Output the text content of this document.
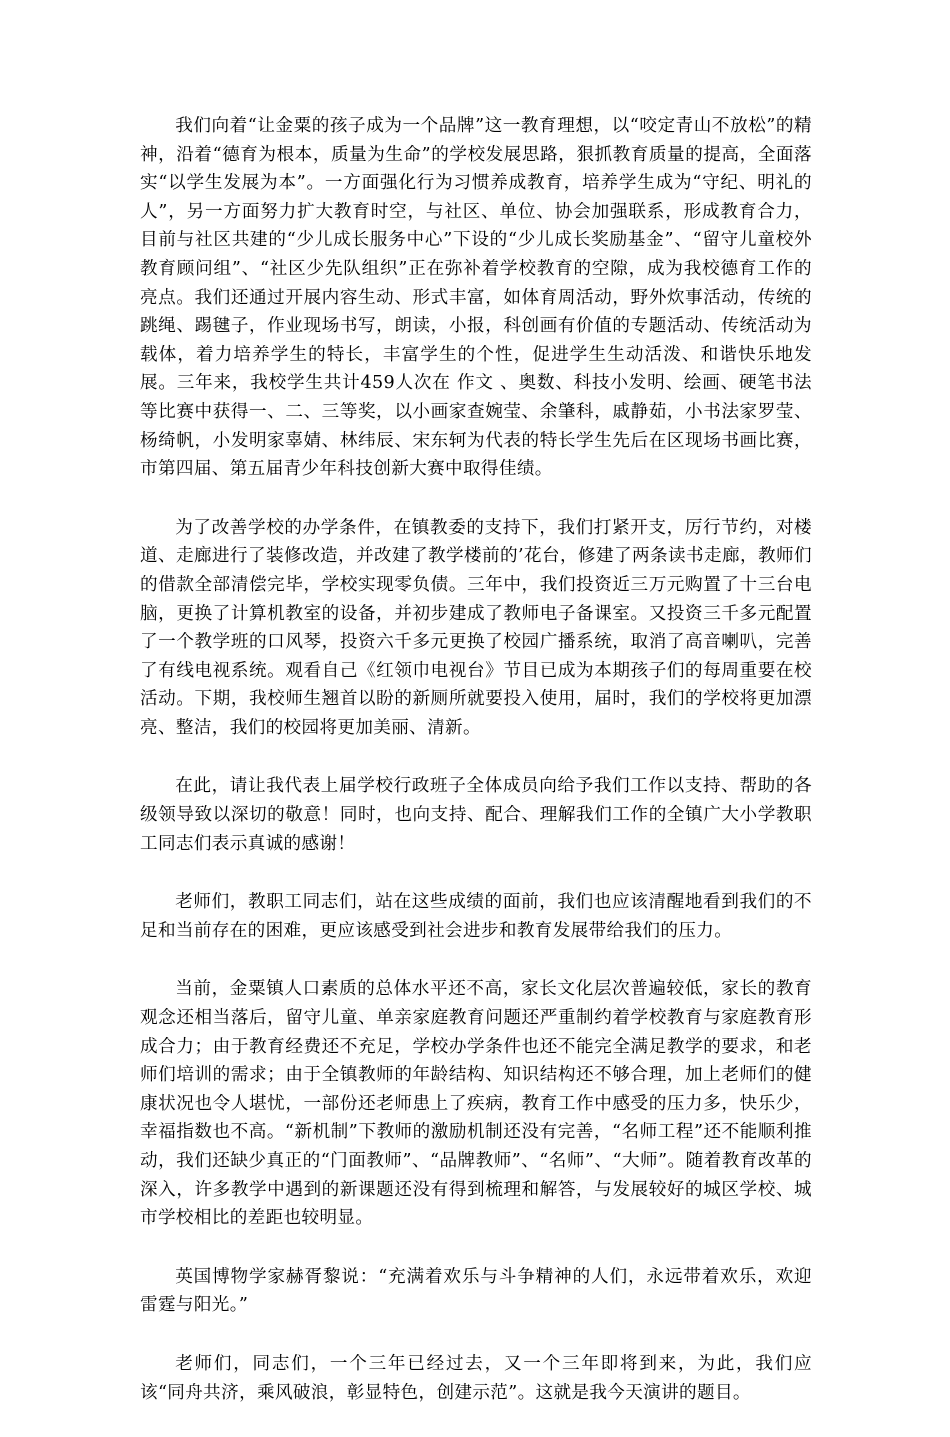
我们向着“让金粟的孩子成为一个品牌”这一教育理想，以“咬定青山不放松”的精神，沿着“德育为根本，质量为生命”的学校发展思路，狠抓教育质量的提高，全面落实“以学生发展为本”。一方面强化行为习惯养成教育，培养学生成为“守纪、明礼的人”，另一方面努力扩大教育时空，与社区、单位、协会加强联系，形成教育合力，目前与社区共建的“少儿成长服务中心”下设的“少儿成长奖励基金”、“留守儿童校外教育顾问组”、“社区少先队组织”正在弥补着学校教育的空隙，成为我校德育工作的亮点。我们还通过开展内容生动、形式丰富，如体育周活动，野外炊事活动，传统的跳绳、踢毽子，作业现场书写，朗读，小报，科创画有价值的专题活动、传统活动为载体，着力培养学生的特长，丰富学生的个性，促进学生生动活泼、和谐快乐地发展。三年来，我校学生共计459人次在 作文 、奥数、科技小发明、绘画、硬笔书法等比赛中获得一、二、三等奖，以小画家查婉莹、余肇科，戚静茹，小书法家罗莹、杨绮帆，小发明家辜婧、林纬辰、宋东轲为代表的特长学生先后在区现场书画比赛，市第四届、第五届青少年科技创新大赛中取得佳绩。

为了改善学校的办学条件，在镇教委的支持下，我们打紧开支，厉行节约，对楼道、走廊进行了装修改造，并改建了教学楼前的’花台，修建了两条读书走廊，教师们的借款全部清偿完毕，学校实现零负债。三年中，我们投资近三万元购置了十三台电脑，更换了计算机教室的设备，并初步建成了教师电子备课室。又投资三千多元配置了一个教学班的口风琴，投资六千多元更换了校园广播系统，取消了高音喇叭，完善了有线电视系统。观看自己《红领巾电视台》节目已成为本期孩子们的每周重要在校活动。下期，我校师生翘首以盼的新厕所就要投入使用，届时，我们的学校将更加漂亮、整洁，我们的校园将更加美丽、清新。

在此，请让我代表上届学校行政班子全体成员向给予我们工作以支持、帮助的各级领导致以深切的敬意！同时，也向支持、配合、理解我们工作的全镇广大小学教职工同志们表示真诚的感谢！

老师们，教职工同志们，站在这些成绩的面前，我们也应该清醒地看到我们的不足和当前存在的困难，更应该感受到社会进步和教育发展带给我们的压力。

当前，金粟镇人口素质的总体水平还不高，家长文化层次普遍较低，家长的教育观念还相当落后，留守儿童、单亲家庭教育问题还严重制约着学校教育与家庭教育形成合力；由于教育经费还不充足，学校办学条件也还不能完全满足教学的要求，和老师们培训的需求；由于全镇教师的年龄结构、知识结构还不够合理，加上老师们的健康状况也令人堪忧，一部份还老师患上了疾病，教育工作中感受的压力多，快乐少，幸福指数也不高。“新机制”下教师的激励机制还没有完善，“名师工程”还不能顺利推动，我们还缺少真正的“门面教师”、“品牌教师”、“名师”、“大师”。随着教育改革的深入，许多教学中遇到的新课题还没有得到梳理和解答，与发展较好的城区学校、城市学校相比的差距也较明显。

英国博物学家赫胥黎说：“充满着欢乐与斗争精神的人们，永远带着欢乐，欢迎雷霆与阳光。”

老师们，同志们，一个三年已经过去，又一个三年即将到来，为此，我们应该“同舟共济，乘风破浪，彰显特色，创建示范”。这就是我今天演讲的题目。
